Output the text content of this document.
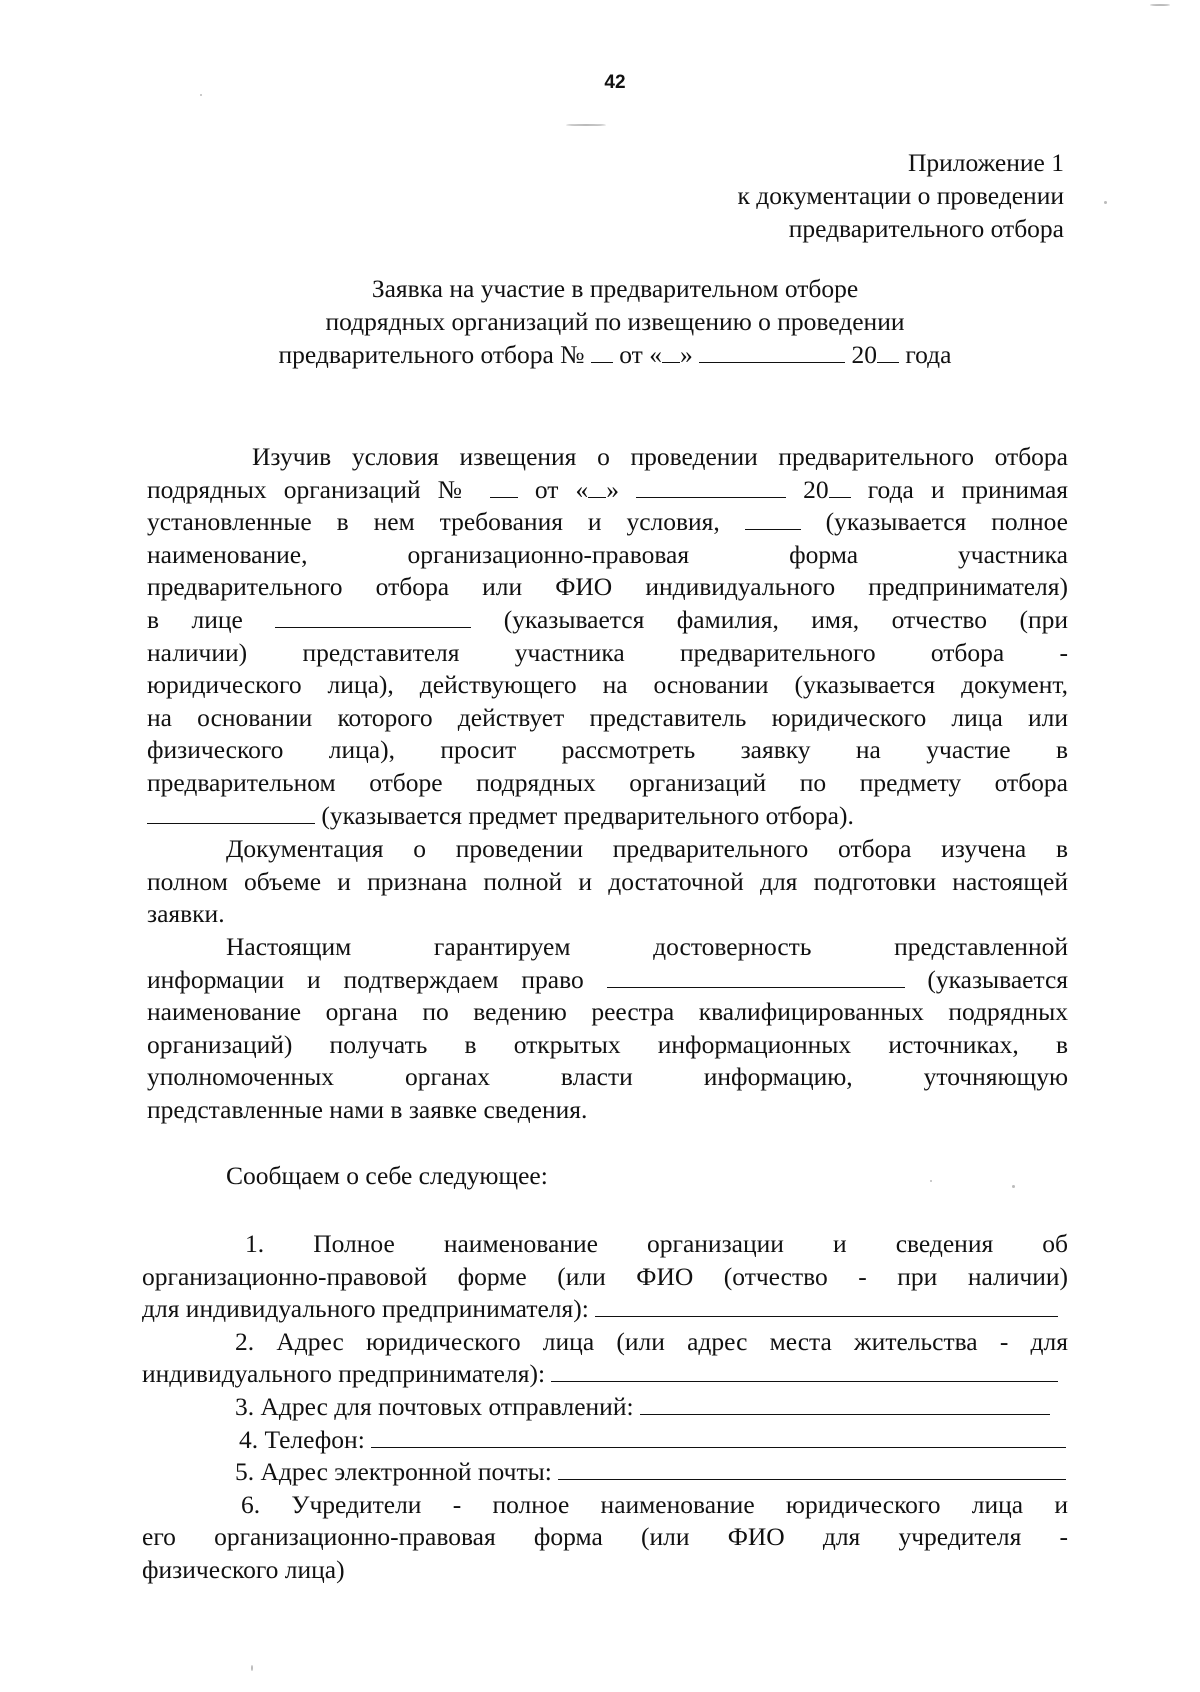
42
Приложение 1
к документации о проведении
предварительного отбора
Заявка на участие в предварительном отборе
подрядных организаций по извещению о проведении
предварительного отбора № от « »	20 года
Изучив условия извещения о проведении предварительного отбора
подрядных организаций № от « »	20 года и принимая
установленные в нем требования и условия,	(указывается полное
наименование, организационно-правовая форма участника
предварительного отбора или ФИО индивидуального предпринимателя)
в лице	(указывается фамилия, имя, отчество (при
наличии) представителя участника предварительного отбора -
юридического лица), действующего на основании (указывается документ,
на основании которого действует представитель юридического лица или
физического лица), просит рассмотреть заявку на участие в
предварительном отборе подрядных организаций по предмету отбора
(указывается предмет предварительного отбора).
Документация о проведении предварительного отбора изучена в
полном объеме и признана полной и достаточной для подготовки настоящей
заявки.
Настоящим гарантируем достоверность представленной
информации и подтверждаем право	(указывается
наименование органа по ведению реестра квалифицированных подрядных
организаций) получать в открытых информационных источниках, в
уполномоченных органах власти информацию, уточняющую
представленные нами в заявке сведения.
Сообщаем о себе следующее:
1. Полное наименование организации и сведения об
организационно-правовой форме (или ФИО (отчество - при наличии)
для индивидуального предпринимателя):
2. Адрес юридического лица (или адрес места жительства - для
индивидуального предпринимателя):
3. Адрес для почтовых отправлений:
4. Телефон:
5. Адрес электронной почты:
6. Учредители - полное наименование юридического лица и
его организационно-правовая форма (или ФИО для учредителя -
физического лица)
